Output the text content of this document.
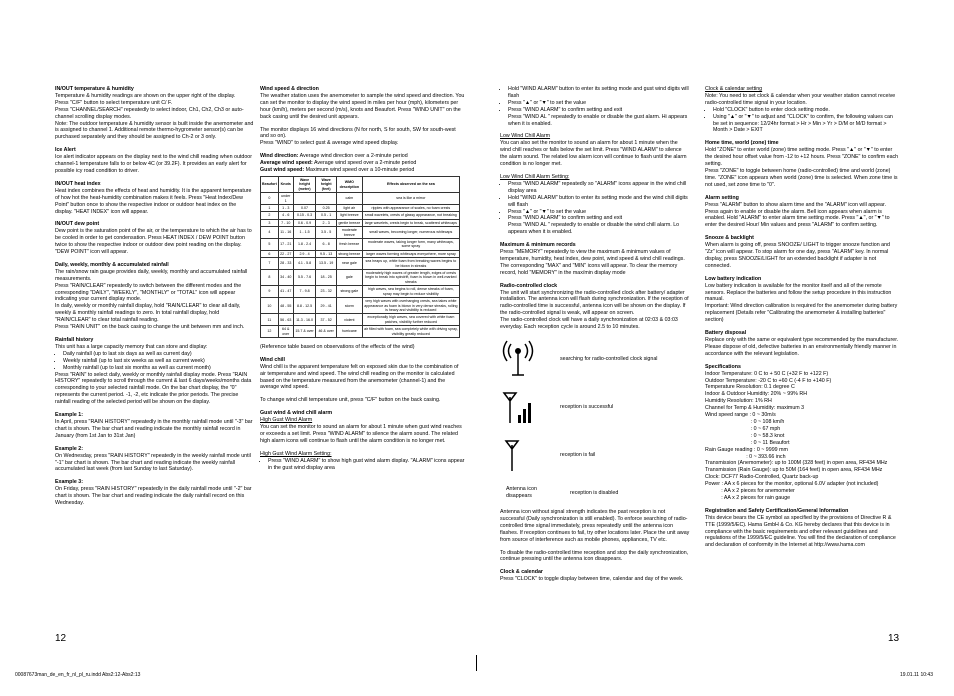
IN/OUT temperature & humidity

Temperature & humidity readings are shown on the upper right of the display.
Press "C/F" button to select temperature unit C/ F.
Press "CHANNEL/SEARCH" repeatedly to select indoor, Ch1, Ch2, Ch3 or auto-channel scrolling display modes.
Note: The outdoor temperature & humidity sensor is built inside the anemometer and is assigned to channel 1. Additional remote thermo-hygrometer sensor(s) can be purchased separately and they should be assigned to Ch-2 or 3 only.

Ice Alert

Ice alert indicator appears on the display next to the wind chill reading when outdoor channel-1 temperature falls to or below 4C (or 39.2F). It provides an early alert for possible icy road condition to driver.

IN/OUT heat index

Heat index combines the effects of heat and humidity. It is the apparent temperature of how hot the heat-humidity combination makes it feels. Press "Heat Index/Dew Point" button once to show the respective indoor or outdoor heat index on the display. "HEAT INDEX" icon will appear.

IN/OUT dew point

Dew point is the saturation point of the air, or the temperature to which the air has to be cooled in order to get condensation. Press HEAT INDEX / DEW POINT button twice to show the respective indoor or outdoor dew point reading on the display. "DEW POINT" icon will appear.

Daily, weekly, monthly & accumulated rainfall

The rain/snow rain gauge provides daily, weekly, monthly and accumulated rainfall measurements.
Press "RAIN/CLEAR" repeatedly to switch between the different modes and the corresponding "DAILY", "WEEKLY", "MONTHLY" or "TOTAL" icon will appear indicating your current display mode.
In daily, weekly or monthly rainfall display, hold "RAIN/CLEAR" to clear all daily, weekly & monthly rainfall readings to zero. In total rainfall display, hold "RAIN/CLEAR" to clear total rainfall reading.
Press "RAIN UNIT" on the back casing to change the unit between mm and inch.

Rainfall history
This unit has a large capacity memory that can store and display:
• Daily rainfall (up to last six days as well as current day)
• Weekly rainfall (up to last six weeks as well as current week)
• Monthly rainfall (up to last six months as well as current month)

Press "RAIN" to select daily, weekly or monthly rainfall display mode. Press "RAIN HISTORY" repeatedly to scroll through the current & last 6 days/weeks/months data corresponding to your selected rainfall mode. On the bar chart display, the "0" represents the current period. -1, -2, etc indicate the prior periods. The precise rainfall reading of the selected period will be shown on the display.

Example 1:

In April, press "RAIN HISTORY" repeatedly in the monthly rainfall mode until "-3" bar chart is shown. The bar chart and reading indicate the monthly rainfall record in January (from 1st Jan to 31st Jan)

Example 2:

On Wednesday, press "RAIN HISTORY" repeatedly in the weekly rainfall mode until "-1" bar chart is shown. The bar chart and reading indicate the weekly rainfall accumulated last week (from last Sunday to last Saturday).

Example 3:

On Friday, press "RAIN HISTORY" repeatedly in the daily rainfall mode until "-2" bar chart is shown. The bar chart and reading indicate the daily rainfall record on this Wednesday.

Wind speed & direction

The weather station uses the anemometer to sample the wind speed and direction. You can set the monitor to display the wind speed in miles per hour (mph), kilometers per hour (km/h), meters per second (m/s), knots and Beaufort. Press "WIND UNIT" on the back casing until the desired unit appears.

The monitor displays 16 wind directions (N for north, S for south, SW for south-west and so on).
Press "WIND" to select gust & average wind speed display.

Wind direction: Average wind direction over a 2-minute period
Average wind speed: Average wind speed over a 2-minute period
Gust wind speed: Maximum wind speed over a 10-minute period
Beaufort	Knots	Wave height (meter)	Wave height (feet)	WMO description	Effects observed on the sea
0	under 1			calm	sea is like a mirror
1	1 - 3	0.07	0.25	light air	ripples with appearance of scales, no foam crests
2	4 - 6	0.15 - 0.3	0.5 - 1	light breeze	small wavelets, crests of glassy appearance, not breaking
3	7 - 10	0.6 - 0.9	2 - 3	gentle breeze	large wavelets, crests begin to break, scattered whitecaps
4	11 - 16	1 - 1.5	3.5 - 5	moderate breeze	small waves, becoming longer, numerous whitecaps
5	17 - 21	1.8 - 2.4	6 - 8	fresh breeze	moderate waves, taking longer form, many whitecaps, some spray
6	22 - 27	2.9 - 4	9.5 - 13	strong breeze	larger waves forming whitecaps everywhere, more spray
7	28 - 33	4.1 - 5.8	13.5 - 19	near gale	sea heaps up, white foam from breaking waves begins to be blown in streaks
8	34 - 40	5.5 - 7.6	18 - 25	gale	moderately high waves of greater length, edges of crests begin to break into spindrift, foam is blown in well-marked streaks
9	41 - 47	7 - 9.8	23 - 32	strong gale	high waves, sea begins to roll, dense streaks of foam, spray may begin to reduce visibility
10	48 - 55	8.8 - 12.5	29 - 41	storm	very high waves with overhanging crests, sea takes white appearance as foam is blown in very dense streaks, rolling is heavy and visibility is reduced
11	56 - 63	11.3 - 16.0	37 - 52	violent	exceptionally high waves, sea covered with white foam patches, visibility further reduced
12	64 & over	15.7 & over	46 & over	hurricane	air filled with foam, sea completely white with driving spray, visibility greatly reduced

(Reference table based on observations of the effects of the wind)

Wind chill

Wind chill is the apparent temperature felt on exposed skin due to the combination of air temperature and wind speed. The wind chill reading on the monitor is calculated based on the temperature measured from the anemometer (channel-1) and the average wind speed.

To change wind chill temperature unit, press "C/F" button on the back casing.

Gust wind & wind chill alarm
High Gust Wind Alarm

You can set the monitor to sound an alarm for about 1 minute when gust wind reaches or exceeds a set limit. Press "WIND ALARM" to silence the alarm sound. The related high alarm icons will continue to flash until the alarm condition is no longer met.

High Gust Wind Alarm Setting:
• Press "WIND ALARM" to show high gust wind alarm display. "ALARM" icons appear in the gust wind display area
• Hold "WIND ALARM" button to enter its setting mode and gust wind digits will flash
• Press "▲" or "▼" to set the value
• Press "WIND ALARM" to confirm setting and exit

Press "WIND AL " repeatedly to enable or disable the gust alarm. Hi appears when it is enabled.

Low Wind Chill Alarm

You can also set the monitor to sound an alarm for about 1 minute when the wind chill reaches or falls below the set limit. Press "WIND ALARM" to silence the alarm sound. The related low alarm icon will continue to flash until the alarm condition is no longer met.

Low Wind Chill Alarm Setting:
• Press "WIND ALARM" repeatedly so "ALARM" icons appear in the wind chill display area
• Hold "WIND ALARM" button to enter its setting mode and the wind chill digits will flash
• Press "▲" or "▼" to set the value
• Press "WIND ALARM" to confirm setting and exit

Press "WIND AL " repeatedly to enable or disable the wind chill alarm. Lo appears when it is enabled.

Maximum & minimum records

Press "MEMORY" repeatedly to view the maximum & minimum values of temperature, humidity, heat index, dew point, wind speed & wind chill readings. The corresponding "MAX" and "MIN" icons will appear. To clear the memory record, hold "MEMORY" in the max/min display mode

Radio-controlled clock

The unit will start synchronizing the radio-controlled clock after battery/ adapter installation. The antenna icon will flash during synchronization. If the reception of radio-controlled time is successful, antenna icon will be shown on the display. If the radio-controlled signal is weak, will appear on screen.

The radio-controlled clock will have a daily synchronization at 02:03 & 03:03 everyday. Each reception cycle is around 2.5 to 10 minutes.

searching for radio-controlled clock signal
reception is successful
reception is fail
Antenna icon disappears
reception is disabled

Antenna icon without signal strength indicates the past reception is not successful (Daily synchronization is still enabled). To enforce searching of radio-controlled time signal immediately, press repeatedly until the antenna icon flashes. If reception continues to fail, try other locations later. Place the unit away from source of interference such as mobile phones, appliances, TV etc.

To disable the radio-controlled time reception and stop the daily synchronization, continue pressing until the antenna icon disappears.

Clock & calendar

Press "CLOCK" to toggle display between time, calendar and day of the week.

Clock & calendar setting
Note: You need to set clock & calendar when your weather station cannot receive radio-controlled time signal in your location.
• Hold "CLOCK" button to enter clock setting mode.
• Using "▲" or "▼" to adjust and "CLOCK" to confirm, the following values can be set in sequence: 12/24hr format > Hr > Min > Yr > D/M or M/D format > Month > Date > EXIT
Home time, world (zone) time
Hold "ZONE" to enter world (zone) time setting mode. Press "▲" or "▼" to enter the desired hour offset value from -12 to +12 hours. Press "ZONE" to confirm each setting.

Press "ZONE" to toggle between home (radio-controlled) time and world (zone) time. "ZONE" icon appears when world (zone) time is selected. When zone time is not used, set zone time to "0".

Alarm setting

Press "ALARM" button to show alarm time and the "ALARM" icon will appear. Press again to enable or disable the alarm. Bell icon appears when alarm is enabled. Hold "ALARM" to enter alarm time setting mode. Press "▲", or "▼" to enter the desired Hour/ Min values and press "ALARM" to confirm setting.

Snooze & backlight

When alarm is going off, press SNOOZE/ LIGHT to trigger snooze function and "Zz" icon will appear. To stop alarm for one day, press "ALARM" key. In normal display, press SNOOZE/LIGHT for an extended backlight if adapter is not connected.

Low battery indication
Low battery indication is available for the monitor itself and all of the remote sensors. Replace the batteries and follow the setup procedure in this instruction manual.

Important: Wind direction calibration is required for the anemometer during battery replacement (Details refer "Calibrating the anemometer & installing batteries" section)

Battery disposal

Replace only with the same or equivalent type recommended by the manufacturer. Please dispose of old, defective batteries in an environmentally friendly manner in accordance with the relevant legislation.

Specifications
Indoor Temperature: 0 C to + 50 C (+32 F to +122 F)
Outdoor Temperature: -20 C to +60 C (-4 F to +140 F)
Temperature Resolution: 0.1 degree C
Indoor & Outdoor Humidity: 20% ~ 99% RH
Humidity Resolution: 1% RH
Channel for Temp & Humidity: maximum 3
Wind speed range : 0 ~ 30m/s
: 0 ~ 108 km/h
: 0 ~ 67 mph
: 0 ~ 58.3 knot
: 0 ~ 11 Beaufort
Rain Gauge reading : 0 ~ 9999 mm
: 0 ~ 393.66 inch
Transmission (Anemometer): up to 100M (328 feet) in open area, RF434 MHz
Transmission (Rain Gauge): up to 50M (164 feet) in open area, RF434 MHz
Clock: DCF77 Radio-Controlled, Quartz back-up
Power : AA x 6 pieces for the monitor, optional 6.0V adapter (not included)
: AA x 2 pieces for anemometer
: AA x 2 pieces for rain gauge
Registration and Safety Certification/General Information

This device bears the CE symbol as specified by the provisions of Directive R & TTE (1999/5/EC). Hama GmbH & Co. KG hereby declares that this device is in compliance with the basic requirements and other relevant guidelines and regulations of the 1999/5/EC guideline. You will find the declaration of compliance and declaration of conformity in the Internet at http://www.hama.com

12	13
00087673man_de_en_fr_nl_pl_ru.indd Abs2:12-Abs2:13	19.01.11 10:43
